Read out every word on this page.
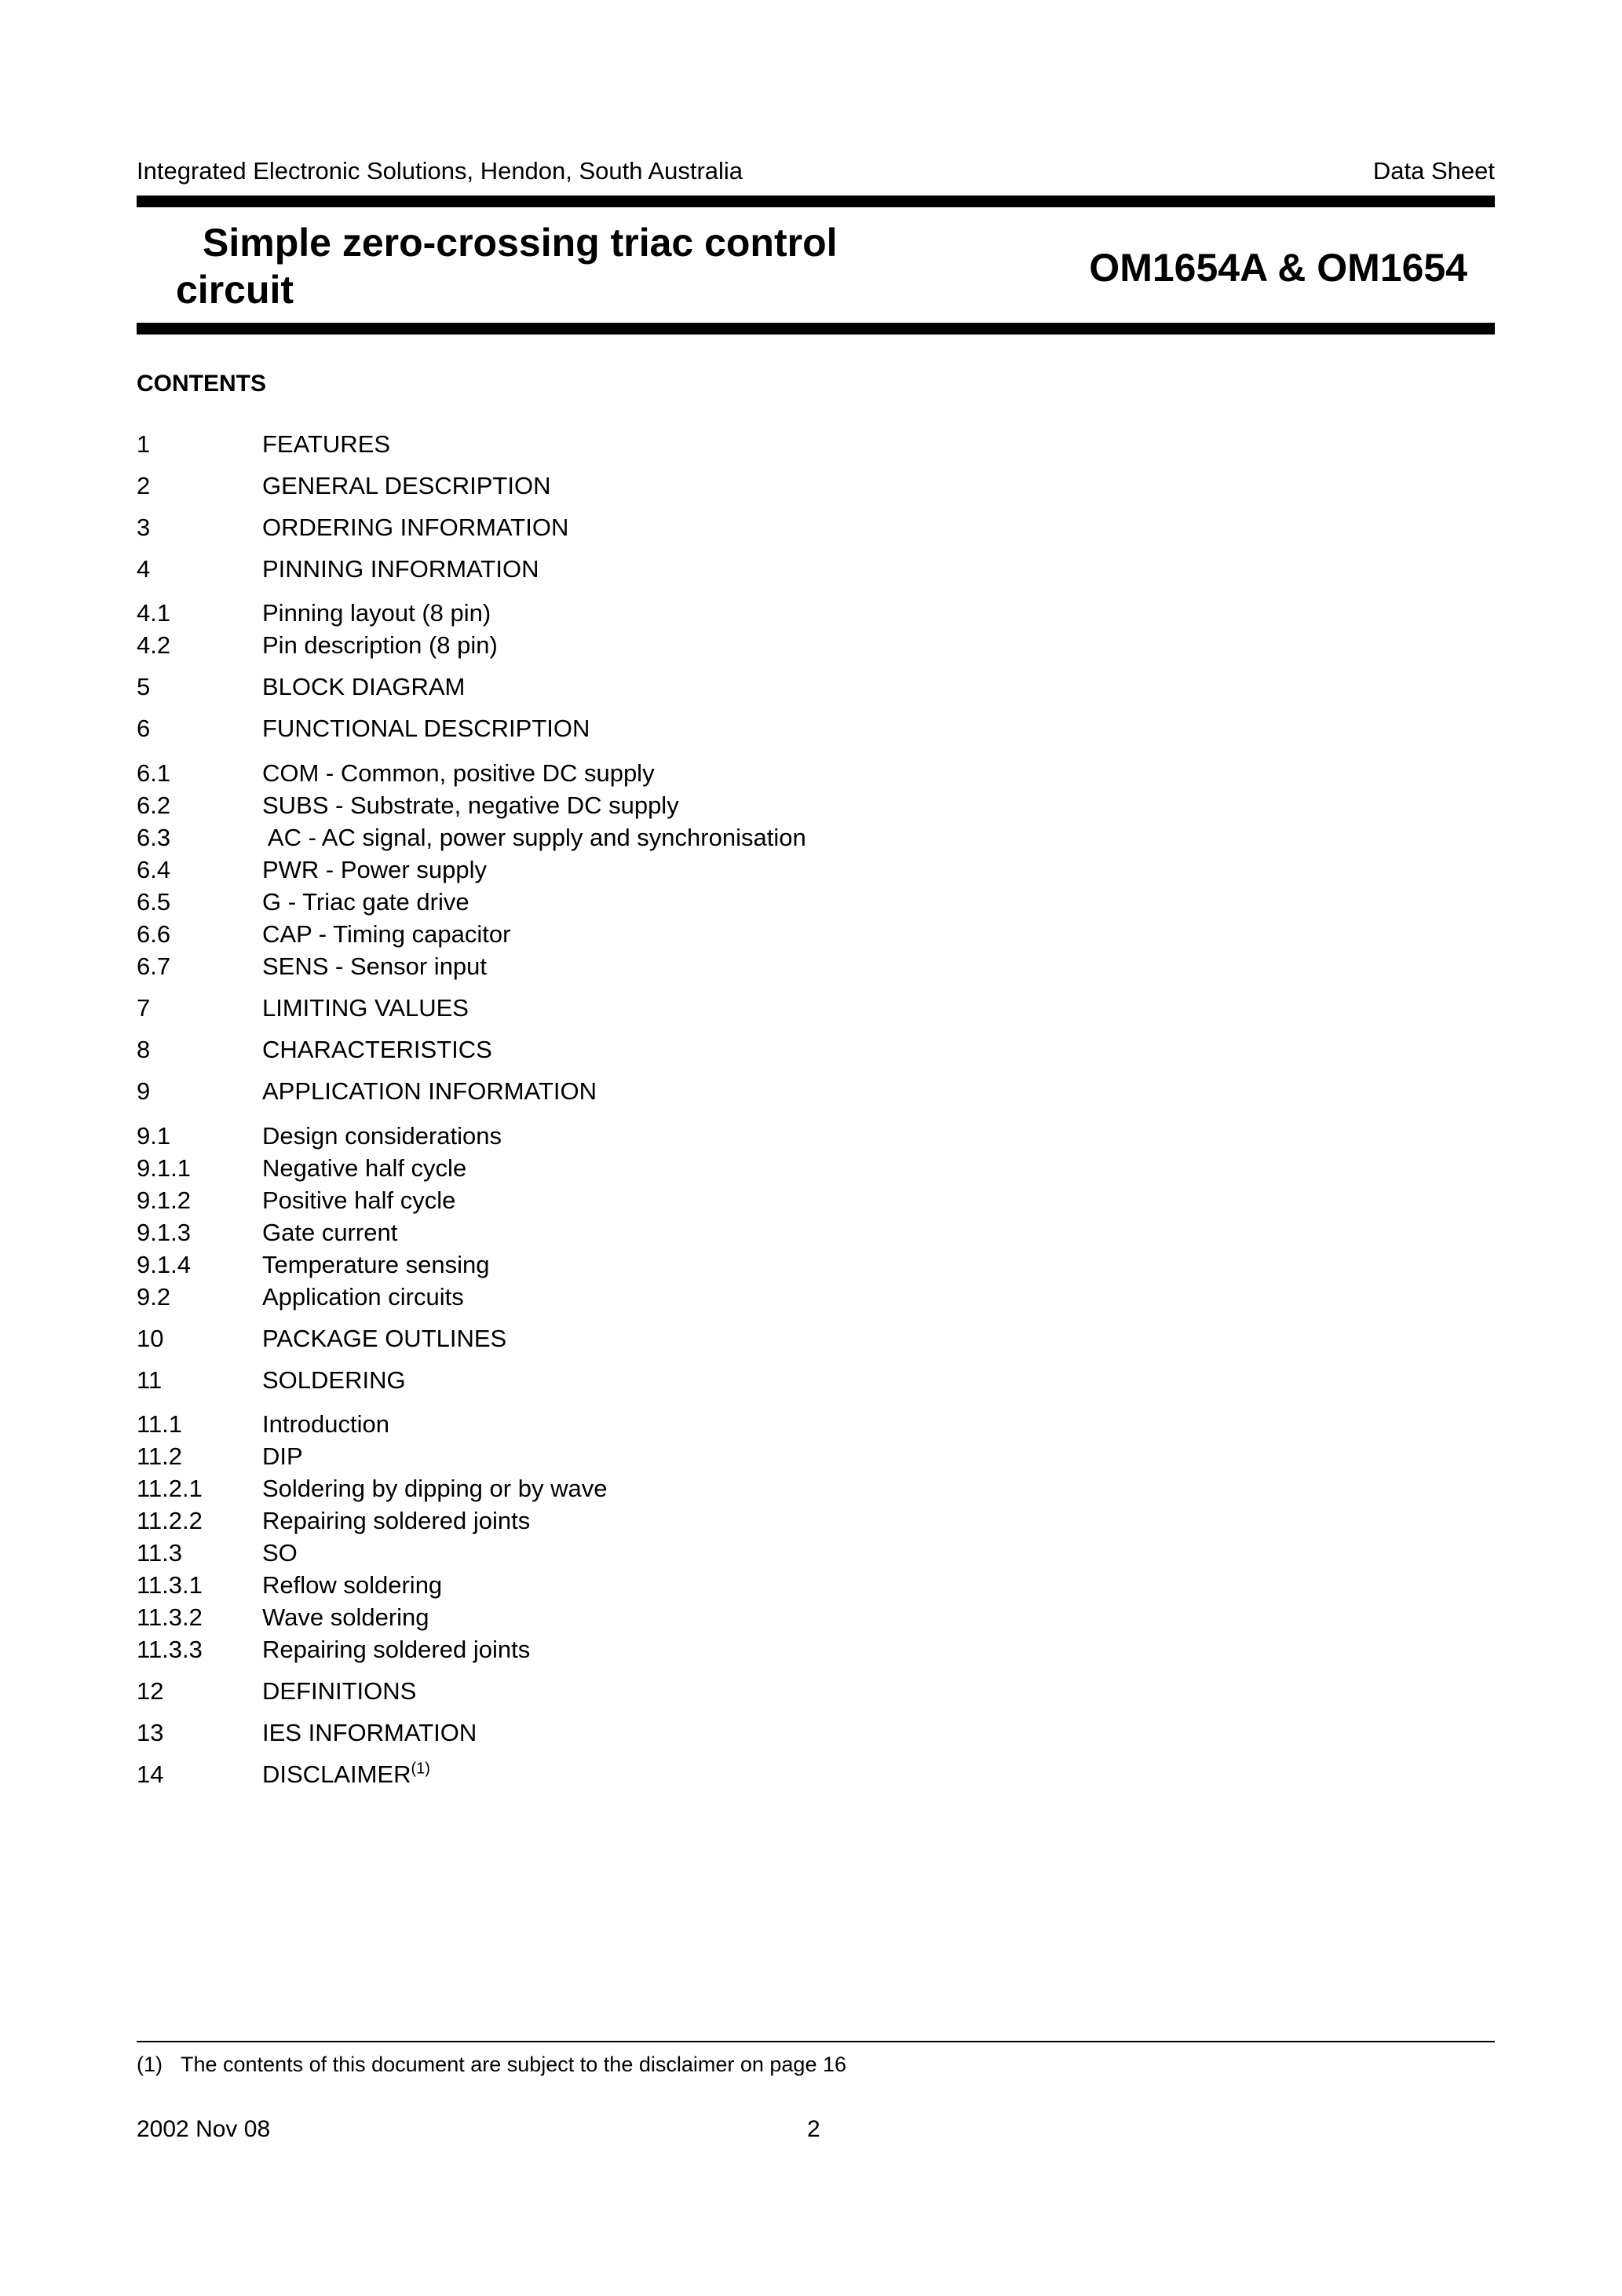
Integrated Electronic Solutions, Hendon, South Australia	Data Sheet
Simple zero-crossing triac control
circuit	OM1654A & OM1654
CONTENTS
1	FEATURES
2	GENERAL DESCRIPTION
3	ORDERING INFORMATION
4	PINNING INFORMATION
4.1	Pinning layout (8 pin)
4.2	Pin description (8 pin)
5	BLOCK DIAGRAM
6	FUNCTIONAL DESCRIPTION
6.1	COM - Common, positive DC supply
6.2	SUBS - Substrate, negative DC supply
6.3	AC - AC signal, power supply and synchronisation
6.4	PWR - Power supply
6.5	G - Triac gate drive
6.6	CAP - Timing capacitor
6.7	SENS - Sensor input
7	LIMITING VALUES
8	CHARACTERISTICS
9	APPLICATION INFORMATION
9.1	Design considerations
9.1.1	Negative half cycle
9.1.2	Positive half cycle
9.1.3	Gate current
9.1.4	Temperature sensing
9.2	Application circuits
10	PACKAGE OUTLINES
11	SOLDERING
11.1	Introduction
11.2	DIP
11.2.1 Soldering by dipping or by wave
11.2.2 Repairing soldered joints
11.3	SO
11.3.1 Reflow soldering
11.3.2 Wave soldering
11.3.3 Repairing soldered joints
12	DEFINITIONS
13	IES INFORMATION
14	DISCLAIMER$^{(1)}$
(1) The contents of this document are subject to the disclaimer on page 16
2002 Nov 08	2
